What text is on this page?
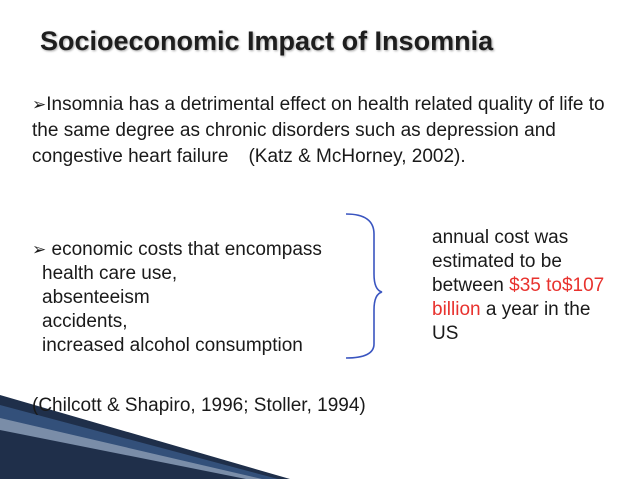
Socioeconomic Impact of Insomnia
➢Insomnia has a detrimental effect on health related quality of life to the same degree as chronic disorders such as depression and congestive heart failure (Katz & McHorney, 2002).
➢ economic costs that encompass
health care use,
absenteeism
accidents,
increased alcohol consumption
annual cost was estimated to be between $35 to$107 billion a year in the US
(Chilcott & Shapiro, 1996; Stoller, 1994)
